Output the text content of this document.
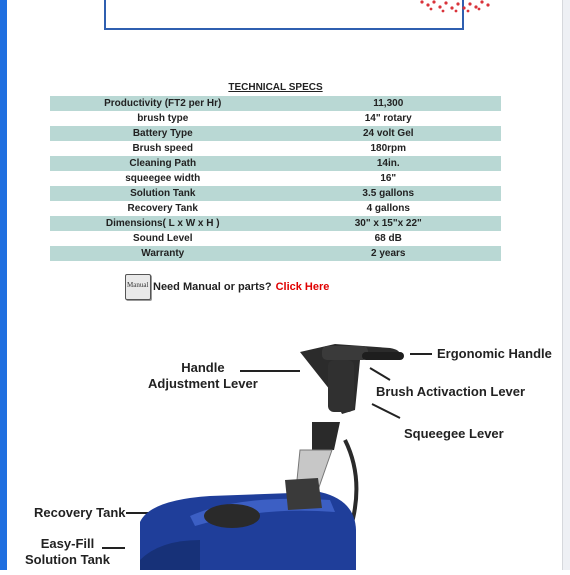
TECHNICAL SPECS
Productivity (FT2 per Hr)	11,300
brush type	14" rotary
Battery Type	24 volt Gel
Brush speed	180rpm
Cleaning Path	14in.
squeegee width	16"
Solution Tank	3.5 gallons
Recovery Tank	4 gallons
Dimensions( L x W x H )	30" x 15"x 22"
Sound Level	68 dB
Warranty	2 years
Manual Need Manual or parts? Click Here
Handle
Adjustment Lever
Ergonomic Handle
Brush Activaction Lever
Squeegee Lever
Recovery Tank
Easy-Fill
Solution Tank
